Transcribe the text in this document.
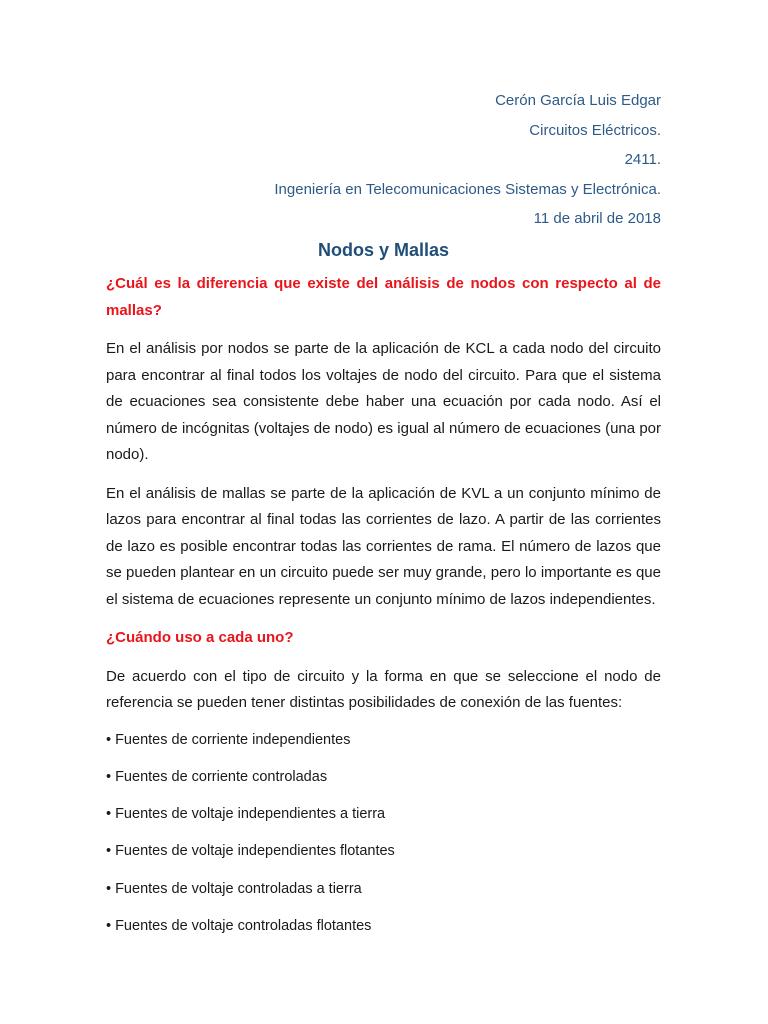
Cerón García Luis Edgar
Circuitos Eléctricos.
2411.
Ingeniería en Telecomunicaciones Sistemas y Electrónica.
11 de abril de 2018
Nodos y Mallas

¿Cuál es la diferencia que existe del análisis de nodos con respecto al de mallas?

En el análisis por nodos se parte de la aplicación de KCL a cada nodo del circuito para encontrar al final todos los voltajes de nodo del circuito. Para que el sistema de ecuaciones sea consistente debe haber una ecuación por cada nodo. Así el número de incógnitas (voltajes de nodo) es igual al número de ecuaciones (una por nodo).

En el análisis de mallas se parte de la aplicación de KVL a un conjunto mínimo de lazos para encontrar al final todas las corrientes de lazo. A partir de las corrientes de lazo es posible encontrar todas las corrientes de rama. El número de lazos que se pueden plantear en un circuito puede ser muy grande, pero lo importante es que el sistema de ecuaciones represente un conjunto mínimo de lazos independientes.

¿Cuándo uso a cada uno?

De acuerdo con el tipo de circuito y la forma en que se seleccione el nodo de referencia se pueden tener distintas posibilidades de conexión de las fuentes:

• Fuentes de corriente independientes
• Fuentes de corriente controladas
• Fuentes de voltaje independientes a tierra
• Fuentes de voltaje independientes flotantes
• Fuentes de voltaje controladas a tierra
• Fuentes de voltaje controladas flotantes
